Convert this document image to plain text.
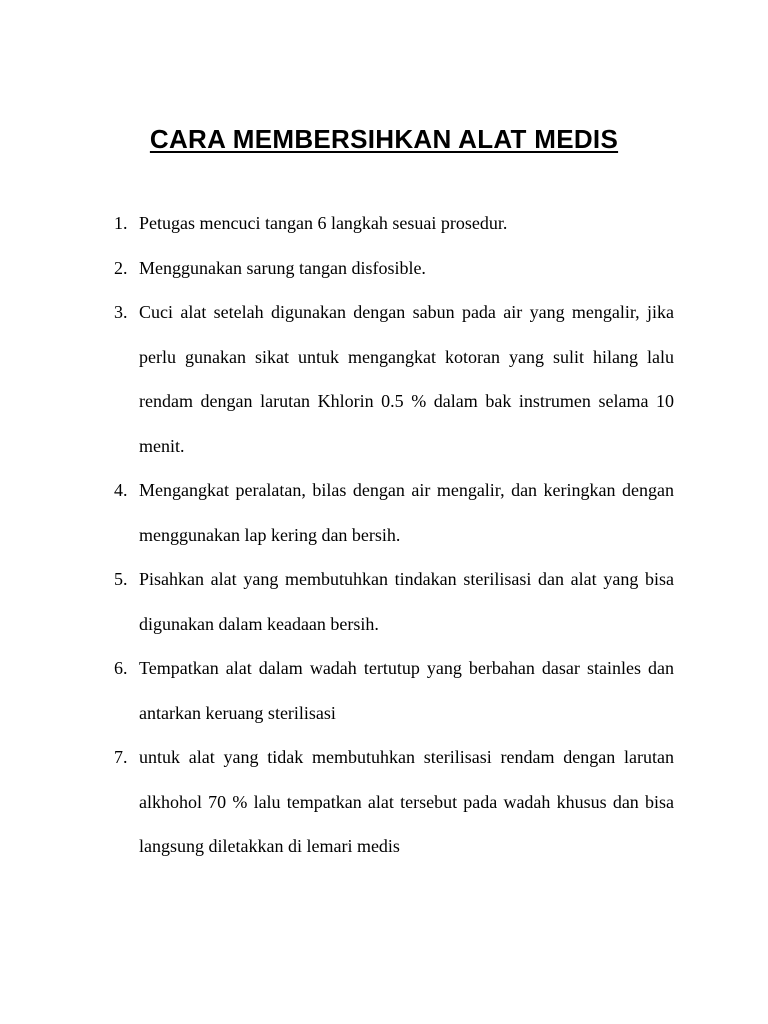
CARA MEMBERSIHKAN ALAT MEDIS
1. Petugas mencuci tangan 6 langkah sesuai prosedur.
2. Menggunakan sarung tangan disfosible.
3. Cuci alat setelah digunakan dengan sabun pada air yang mengalir, jika perlu gunakan sikat untuk mengangkat kotoran yang sulit hilang lalu rendam dengan larutan Khlorin 0.5 % dalam bak instrumen selama 10 menit.
4. Mengangkat peralatan, bilas dengan air mengalir, dan keringkan dengan menggunakan lap kering dan bersih.
5. Pisahkan alat yang membutuhkan tindakan sterilisasi dan alat yang bisa digunakan dalam keadaan bersih.
6. Tempatkan alat dalam wadah tertutup yang berbahan dasar stainles dan antarkan keruang sterilisasi
7. untuk alat yang tidak membutuhkan sterilisasi rendam dengan larutan alkhohol 70 % lalu tempatkan alat tersebut pada wadah khusus dan bisa langsung diletakkan di lemari medis
